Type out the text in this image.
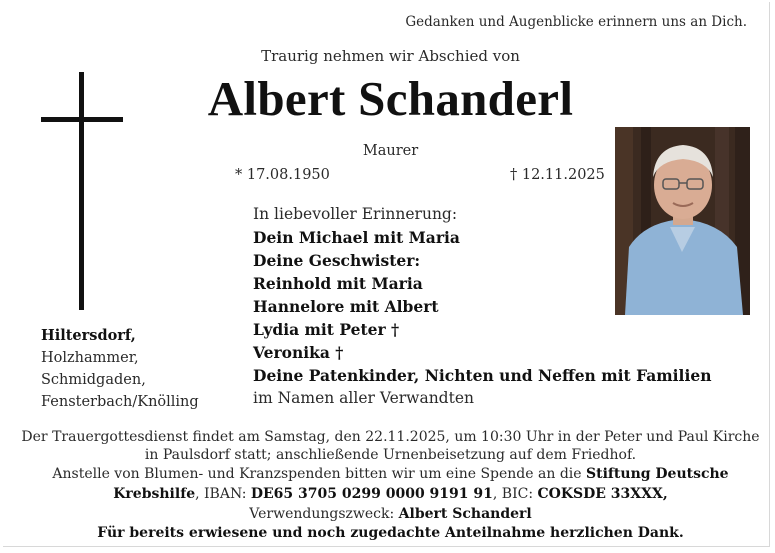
Gedanken und Augenblicke erinnern uns an Dich.
Traurig nehmen wir Abschied von
Albert Schanderl
Maurer
* 17.08.1950	† 12.11.2025
Hiltersdorf,
Holzhammer,
Schmidgaden,
Fensterbach/Knölling
In liebevoller Erinnerung:
Dein Michael mit Maria
Deine Geschwister:
Reinhold mit Maria
Hannelore mit Albert
Lydia mit Peter †
Veronika †
Deine Patenkinder, Nichten und Neffen mit Familien
im Namen aller Verwandten
Der Trauergottesdienst findet am Samstag, den 22.11.2025, um 10:30 Uhr in der Peter und Paul Kirche
in Paulsdorf statt; anschließende Urnenbeisetzung auf dem Friedhof.
Anstelle von Blumen- und Kranzspenden bitten wir um eine Spende an die Stiftung Deutsche
Krebshilfe, IBAN: DE65 3705 0299 0000 9191 91, BIC: COKSDE 33XXX,
Verwendungszweck: Albert Schanderl
Für bereits erwiesene und noch zugedachte Anteilnahme herzlichen Dank.
